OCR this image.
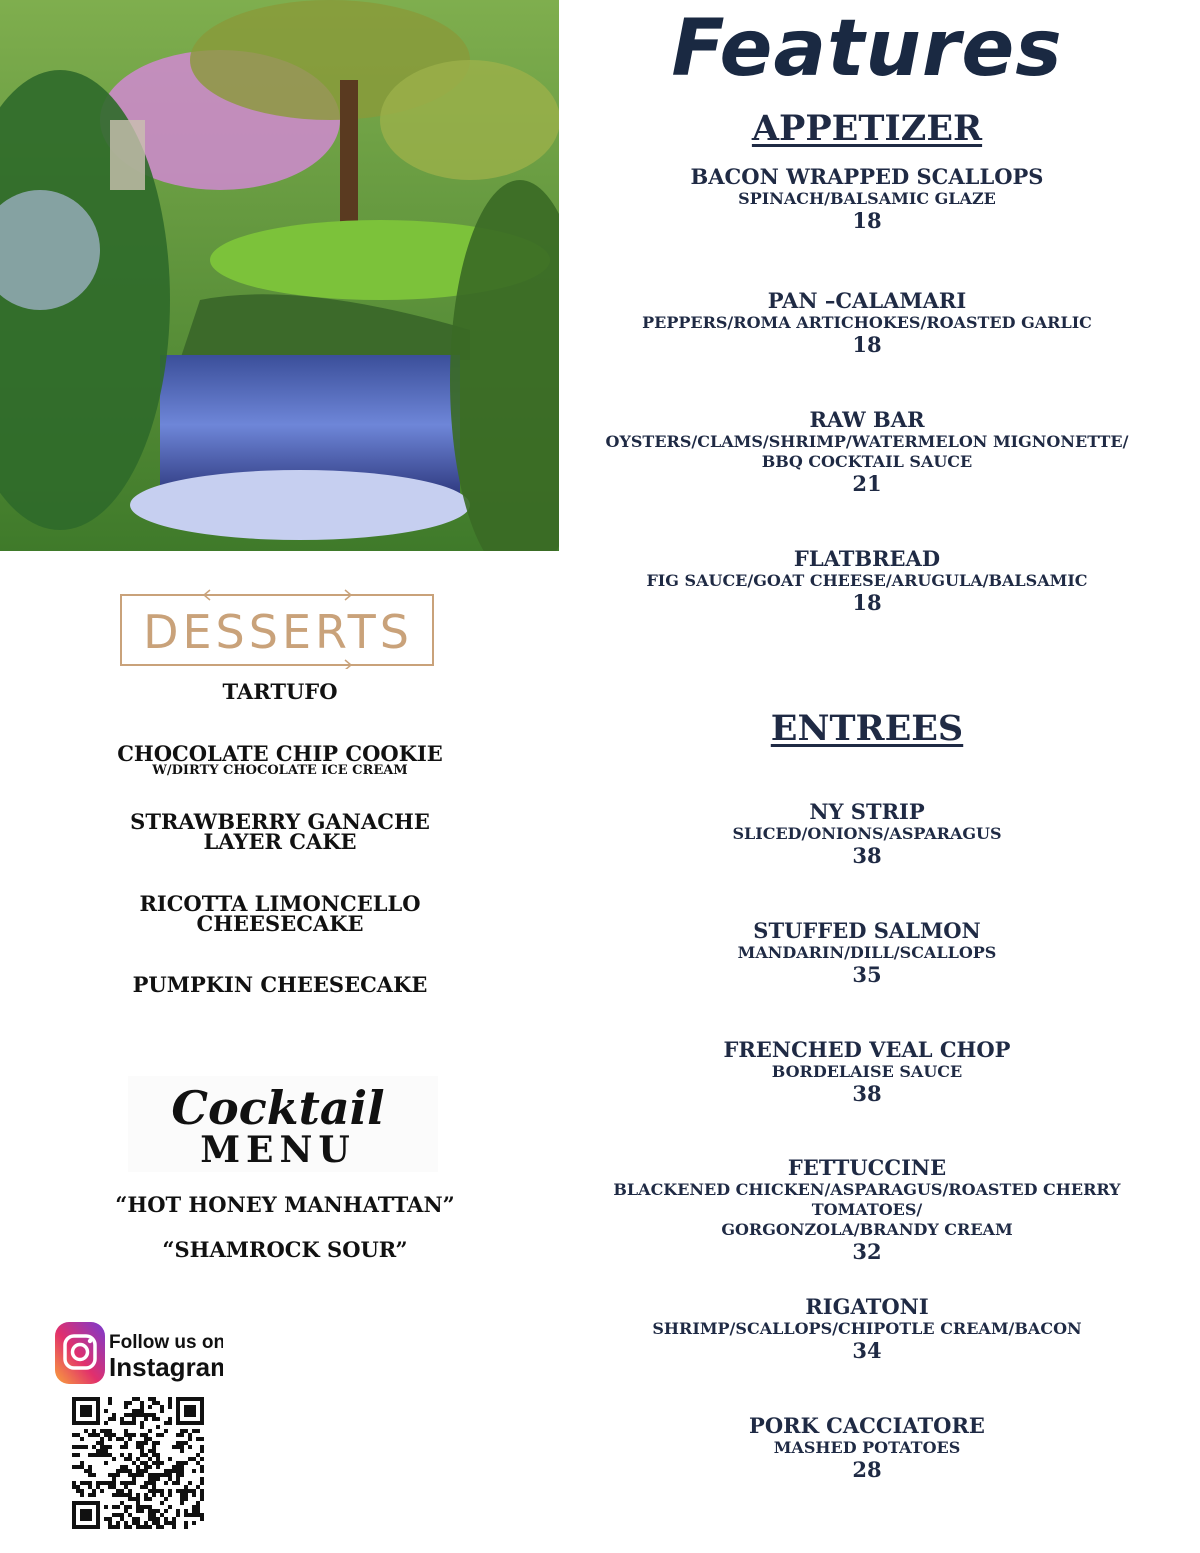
Features
APPETIZER
BACON WRAPPED SCALLOPS
SPINACH/BALSAMIC GLAZE
18
PAN –CALAMARI
PEPPERS/ROMA ARTICHOKES/ROASTED GARLIC
18
RAW BAR
OYSTERS/CLAMS/SHRIMP/WATERMELON MIGNONETTE/
BBQ COCKTAIL SAUCE
21
FLATBREAD
FIG SAUCE/GOAT CHEESE/ARUGULA/BALSAMIC
18
ENTREES
NY STRIP
SLICED/ONIONS/ASPARAGUS
38
STUFFED SALMON
MANDARIN/DILL/SCALLOPS
35
FRENCHED VEAL CHOP
BORDELAISE SAUCE
38
FETTUCCINE
BLACKENED CHICKEN/ASPARAGUS/ROASTED CHERRY TOMATOES/
GORGONZOLA/BRANDY CREAM
32
RIGATONI
SHRIMP/SCALLOPS/CHIPOTLE CREAM/BACON
34
PORK CACCIATORE
MASHED POTATOES
28
DESSERTS
TARTUFO
CHOCOLATE CHIP COOKIE
W/DIRTY CHOCOLATE ICE CREAM
STRAWBERRY GANACHE
LAYER CAKE
RICOTTA LIMONCELLO
CHEESECAKE
PUMPKIN CHEESECAKE
Cocktail
MENU
“HOT HONEY MANHATTAN”
“SHAMROCK SOUR”
Follow us on
Instagram
